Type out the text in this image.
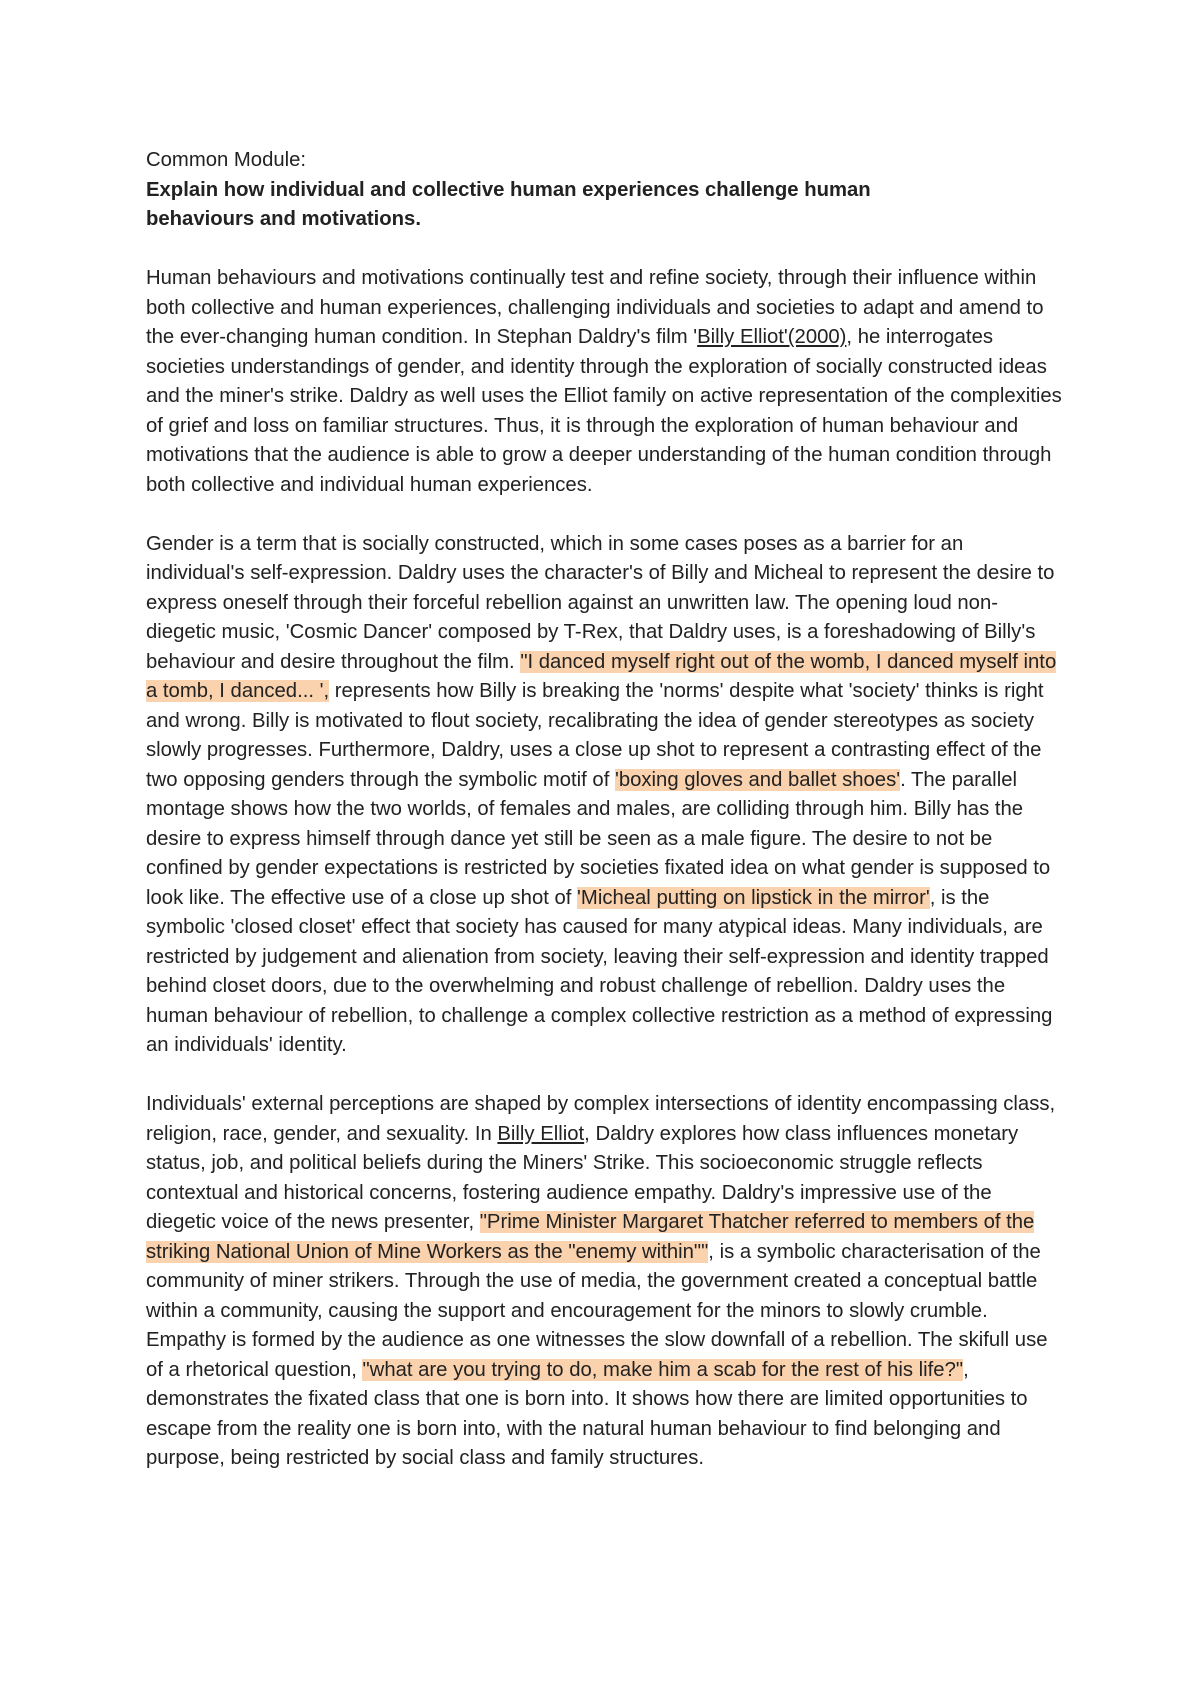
Common Module:

Explain how individual and collective human experiences challenge human
behaviours and motivations.

Human behaviours and motivations continually test and refine society, through their influence within both collective and human experiences, challenging individuals and societies to adapt and amend to the ever-changing human condition. In Stephan Daldry's film 'Billy Elliot'(2000), he interrogates societies understandings of gender, and identity through the exploration of socially constructed ideas and the miner's strike. Daldry as well uses the Elliot family on active representation of the complexities of grief and loss on familiar structures. Thus, it is through the exploration of human behaviour and motivations that the audience is able to grow a deeper understanding of the human condition through both collective and individual human experiences.

Gender is a term that is socially constructed, which in some cases poses as a barrier for an individual's self-expression. Daldry uses the character's of Billy and Micheal to represent the desire to express oneself through their forceful rebellion against an unwritten law. The opening loud non-diegetic music, 'Cosmic Dancer' composed by T-Rex, that Daldry uses, is a foreshadowing of Billy's behaviour and desire throughout the film. "I danced myself right out of the womb, I danced myself into a tomb, I danced... ', represents how Billy is breaking the 'norms' despite what 'society' thinks is right and wrong. Billy is motivated to flout society, recalibrating the idea of gender stereotypes as society slowly progresses. Furthermore, Daldry, uses a close up shot to represent a contrasting effect of the two opposing genders through the symbolic motif of 'boxing gloves and ballet shoes'. The parallel montage shows how the two worlds, of females and males, are colliding through him. Billy has the desire to express himself through dance yet still be seen as a male figure. The desire to not be confined by gender expectations is restricted by societies fixated idea on what gender is supposed to look like. The effective use of a close up shot of 'Micheal putting on lipstick in the mirror', is the symbolic 'closed closet' effect that society has caused for many atypical ideas. Many individuals, are restricted by judgement and alienation from society, leaving their self-expression and identity trapped behind closet doors, due to the overwhelming and robust challenge of rebellion. Daldry uses the human behaviour of rebellion, to challenge a complex collective restriction as a method of expressing an individuals' identity.

Individuals' external perceptions are shaped by complex intersections of identity encompassing class, religion, race, gender, and sexuality. In Billy Elliot, Daldry explores how class influences monetary status, job, and political beliefs during the Miners' Strike. This socioeconomic struggle reflects contextual and historical concerns, fostering audience empathy. Daldry's impressive use of the diegetic voice of the news presenter, "Prime Minister Margaret Thatcher referred to members of the striking National Union of Mine Workers as the "enemy within"", is a symbolic characterisation of the community of miner strikers. Through the use of media, the government created a conceptual battle within a community, causing the support and encouragement for the minors to slowly crumble. Empathy is formed by the audience as one witnesses the slow downfall of a rebellion. The skifull use of a rhetorical question, "what are you trying to do, make him a scab for the rest of his life?", demonstrates the fixated class that one is born into. It shows how there are limited opportunities to escape from the reality one is born into, with the natural human behaviour to find belonging and purpose, being restricted by social class and family structures.
